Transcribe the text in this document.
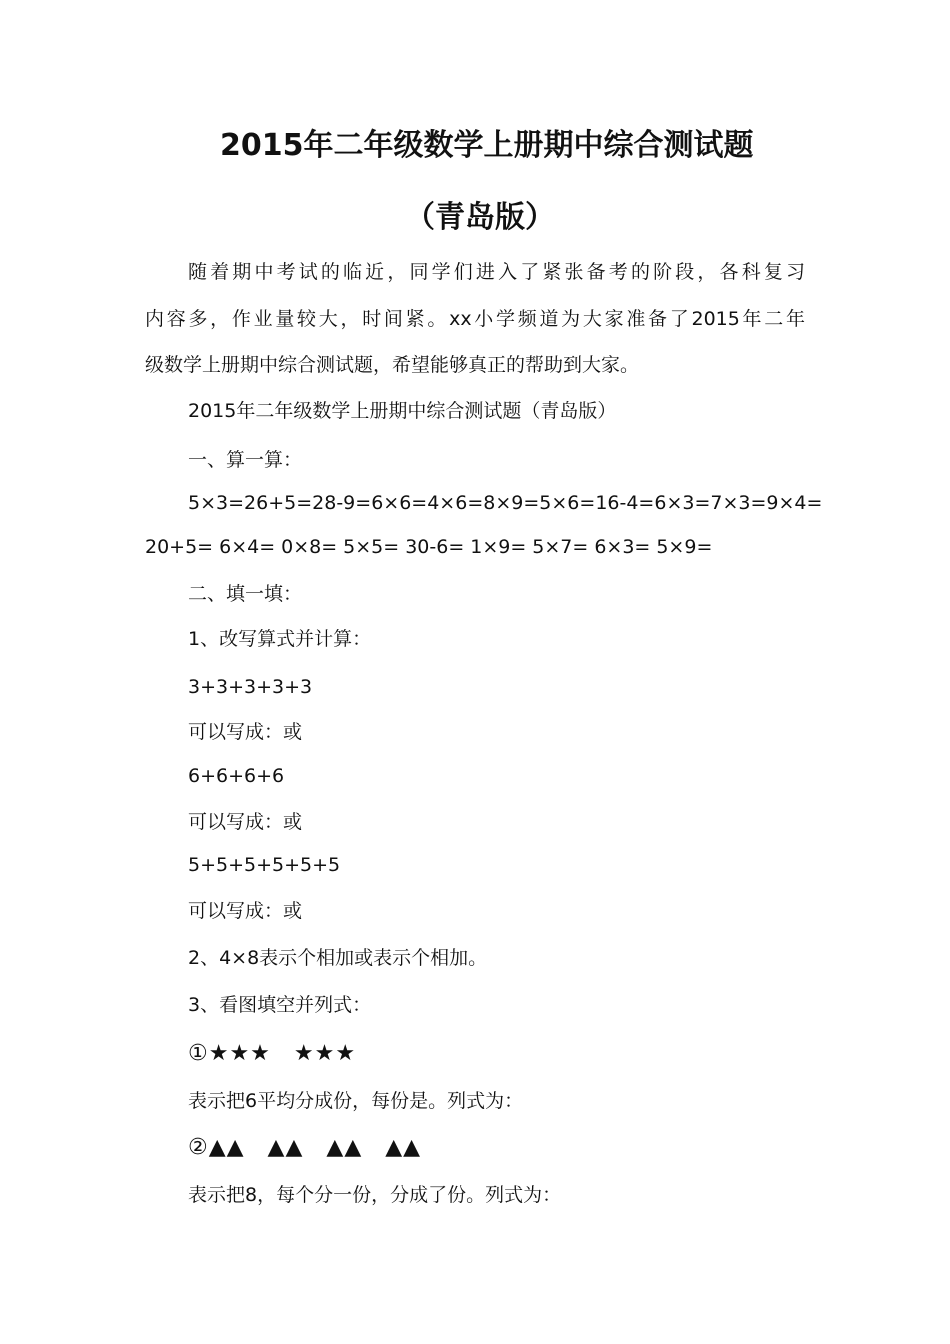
2015年二年级数学上册期中综合测试题
（青岛版）

随着期中考试的临近，同学们进入了紧张备考的阶段，各科复习

内容多，作业量较大，时间紧。xx小学频道为大家准备了2015年二年

级数学上册期中综合测试题，希望能够真正的帮助到大家。

2015年二年级数学上册期中综合测试题（青岛版）

一、算一算：

5×3= 26+5= 28-9= 6×6= 4×6= 8×9= 5×6= 16-4= 6×3= 7×3= 9×4=
20+5= 6×4= 0×8= 5×5= 30-6= 1×9= 5×7= 6×3= 5×9=

二、填一填：

1、改写算式并计算：

3+3+3+3+3

可以写成：或

6+6+6+6

可以写成：或

5+5+5+5+5+5

可以写成：或

2、4×8表示个相加或表示个相加。

3、看图填空并列式：

①★★★　★★★

表示把6平均分成份，每份是。列式为：

②▲▲　▲▲　▲▲　▲▲

表示把8，每个分一份，分成了份。列式为：
